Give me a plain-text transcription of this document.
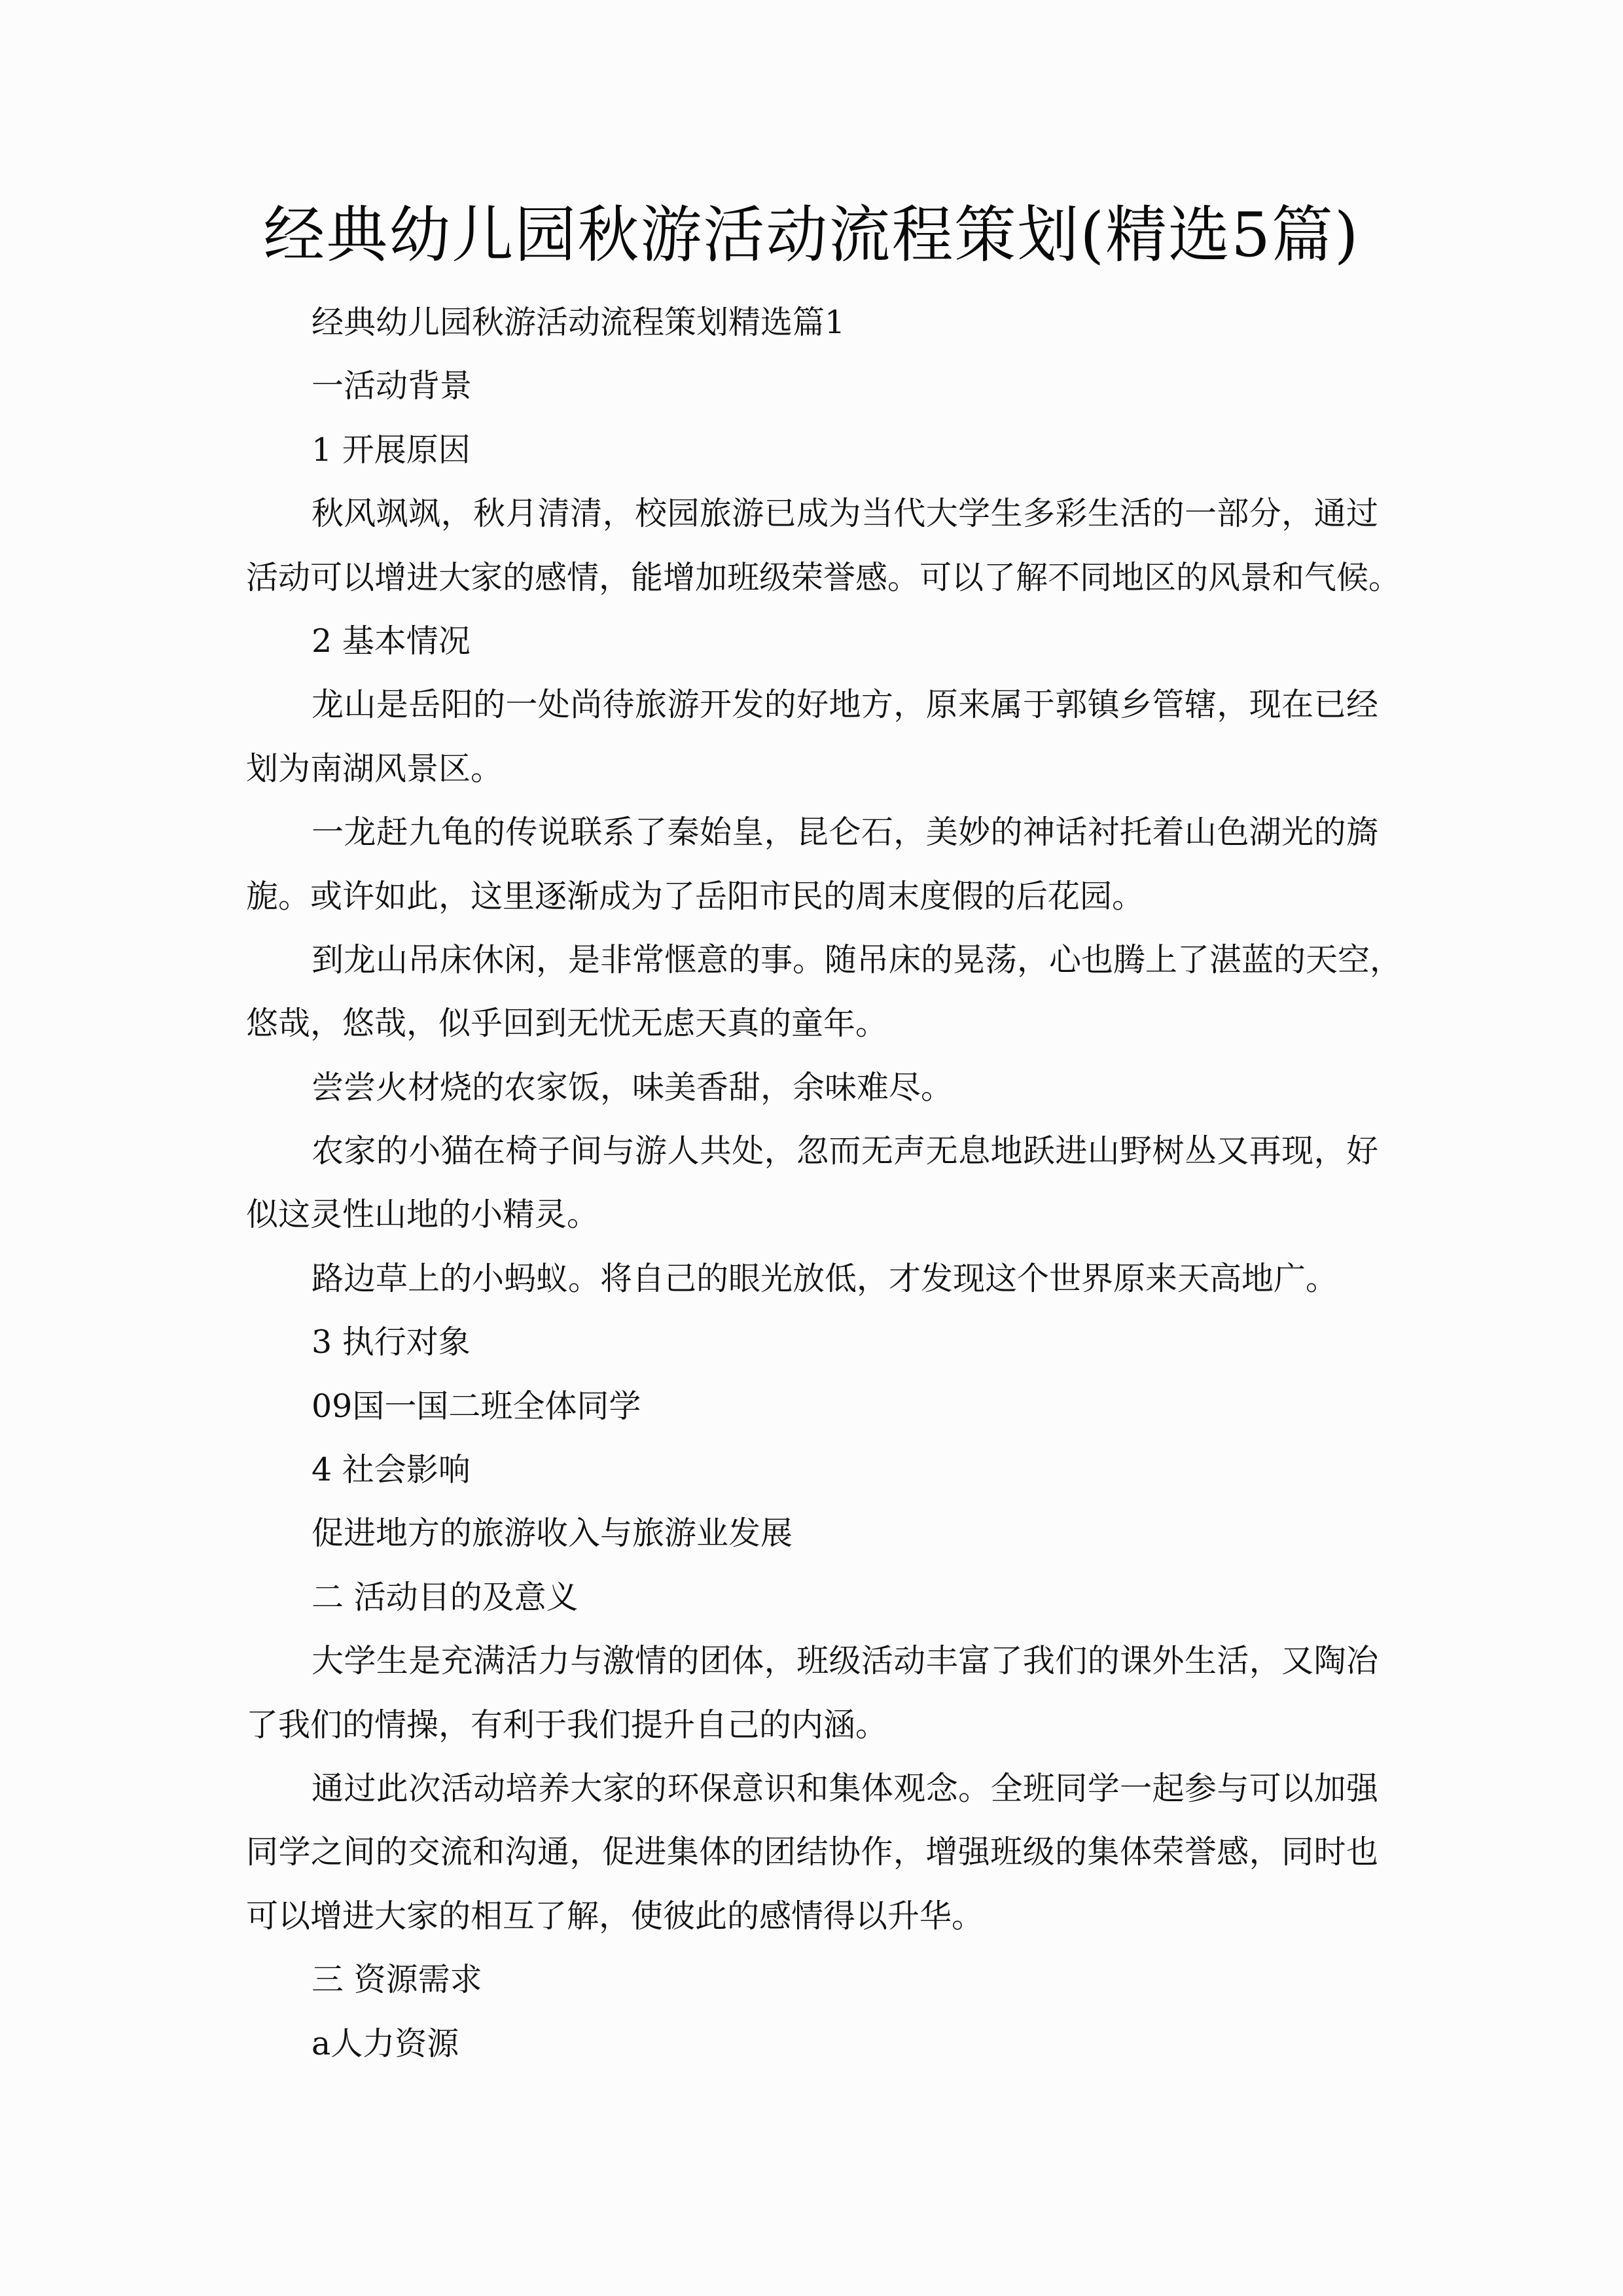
经典幼儿园秋游活动流程策划(精选5篇)
经典幼儿园秋游活动流程策划精选篇1
一活动背景
1 开展原因
秋风飒飒，秋月清清，校园旅游已成为当代大学生多彩生活的一部分，通过
活动可以增进大家的感情，能增加班级荣誉感。可以了解不同地区的风景和气候。
2 基本情况
龙山是岳阳的一处尚待旅游开发的好地方，原来属于郭镇乡管辖，现在已经
划为南湖风景区。
一龙赶九龟的传说联系了秦始皇，昆仑石，美妙的神话衬托着山色湖光的旖
旎。或许如此，这里逐渐成为了岳阳市民的周末度假的后花园。
到龙山吊床休闲，是非常惬意的事。随吊床的晃荡，心也腾上了湛蓝的天空，
悠哉，悠哉，似乎回到无忧无虑天真的童年。
尝尝火材烧的农家饭，味美香甜，余味难尽。
农家的小猫在椅子间与游人共处，忽而无声无息地跃进山野树丛又再现，好
似这灵性山地的小精灵。
路边草上的小蚂蚁。将自己的眼光放低，才发现这个世界原来天高地广。
3 执行对象
09国一国二班全体同学
4 社会影响
促进地方的旅游收入与旅游业发展
二 活动目的及意义
大学生是充满活力与激情的团体，班级活动丰富了我们的课外生活，又陶冶
了我们的情操，有利于我们提升自己的内涵。
通过此次活动培养大家的环保意识和集体观念。全班同学一起参与可以加强
同学之间的交流和沟通，促进集体的团结协作，增强班级的集体荣誉感，同时也
可以增进大家的相互了解，使彼此的感情得以升华。
三 资源需求
a人力资源
